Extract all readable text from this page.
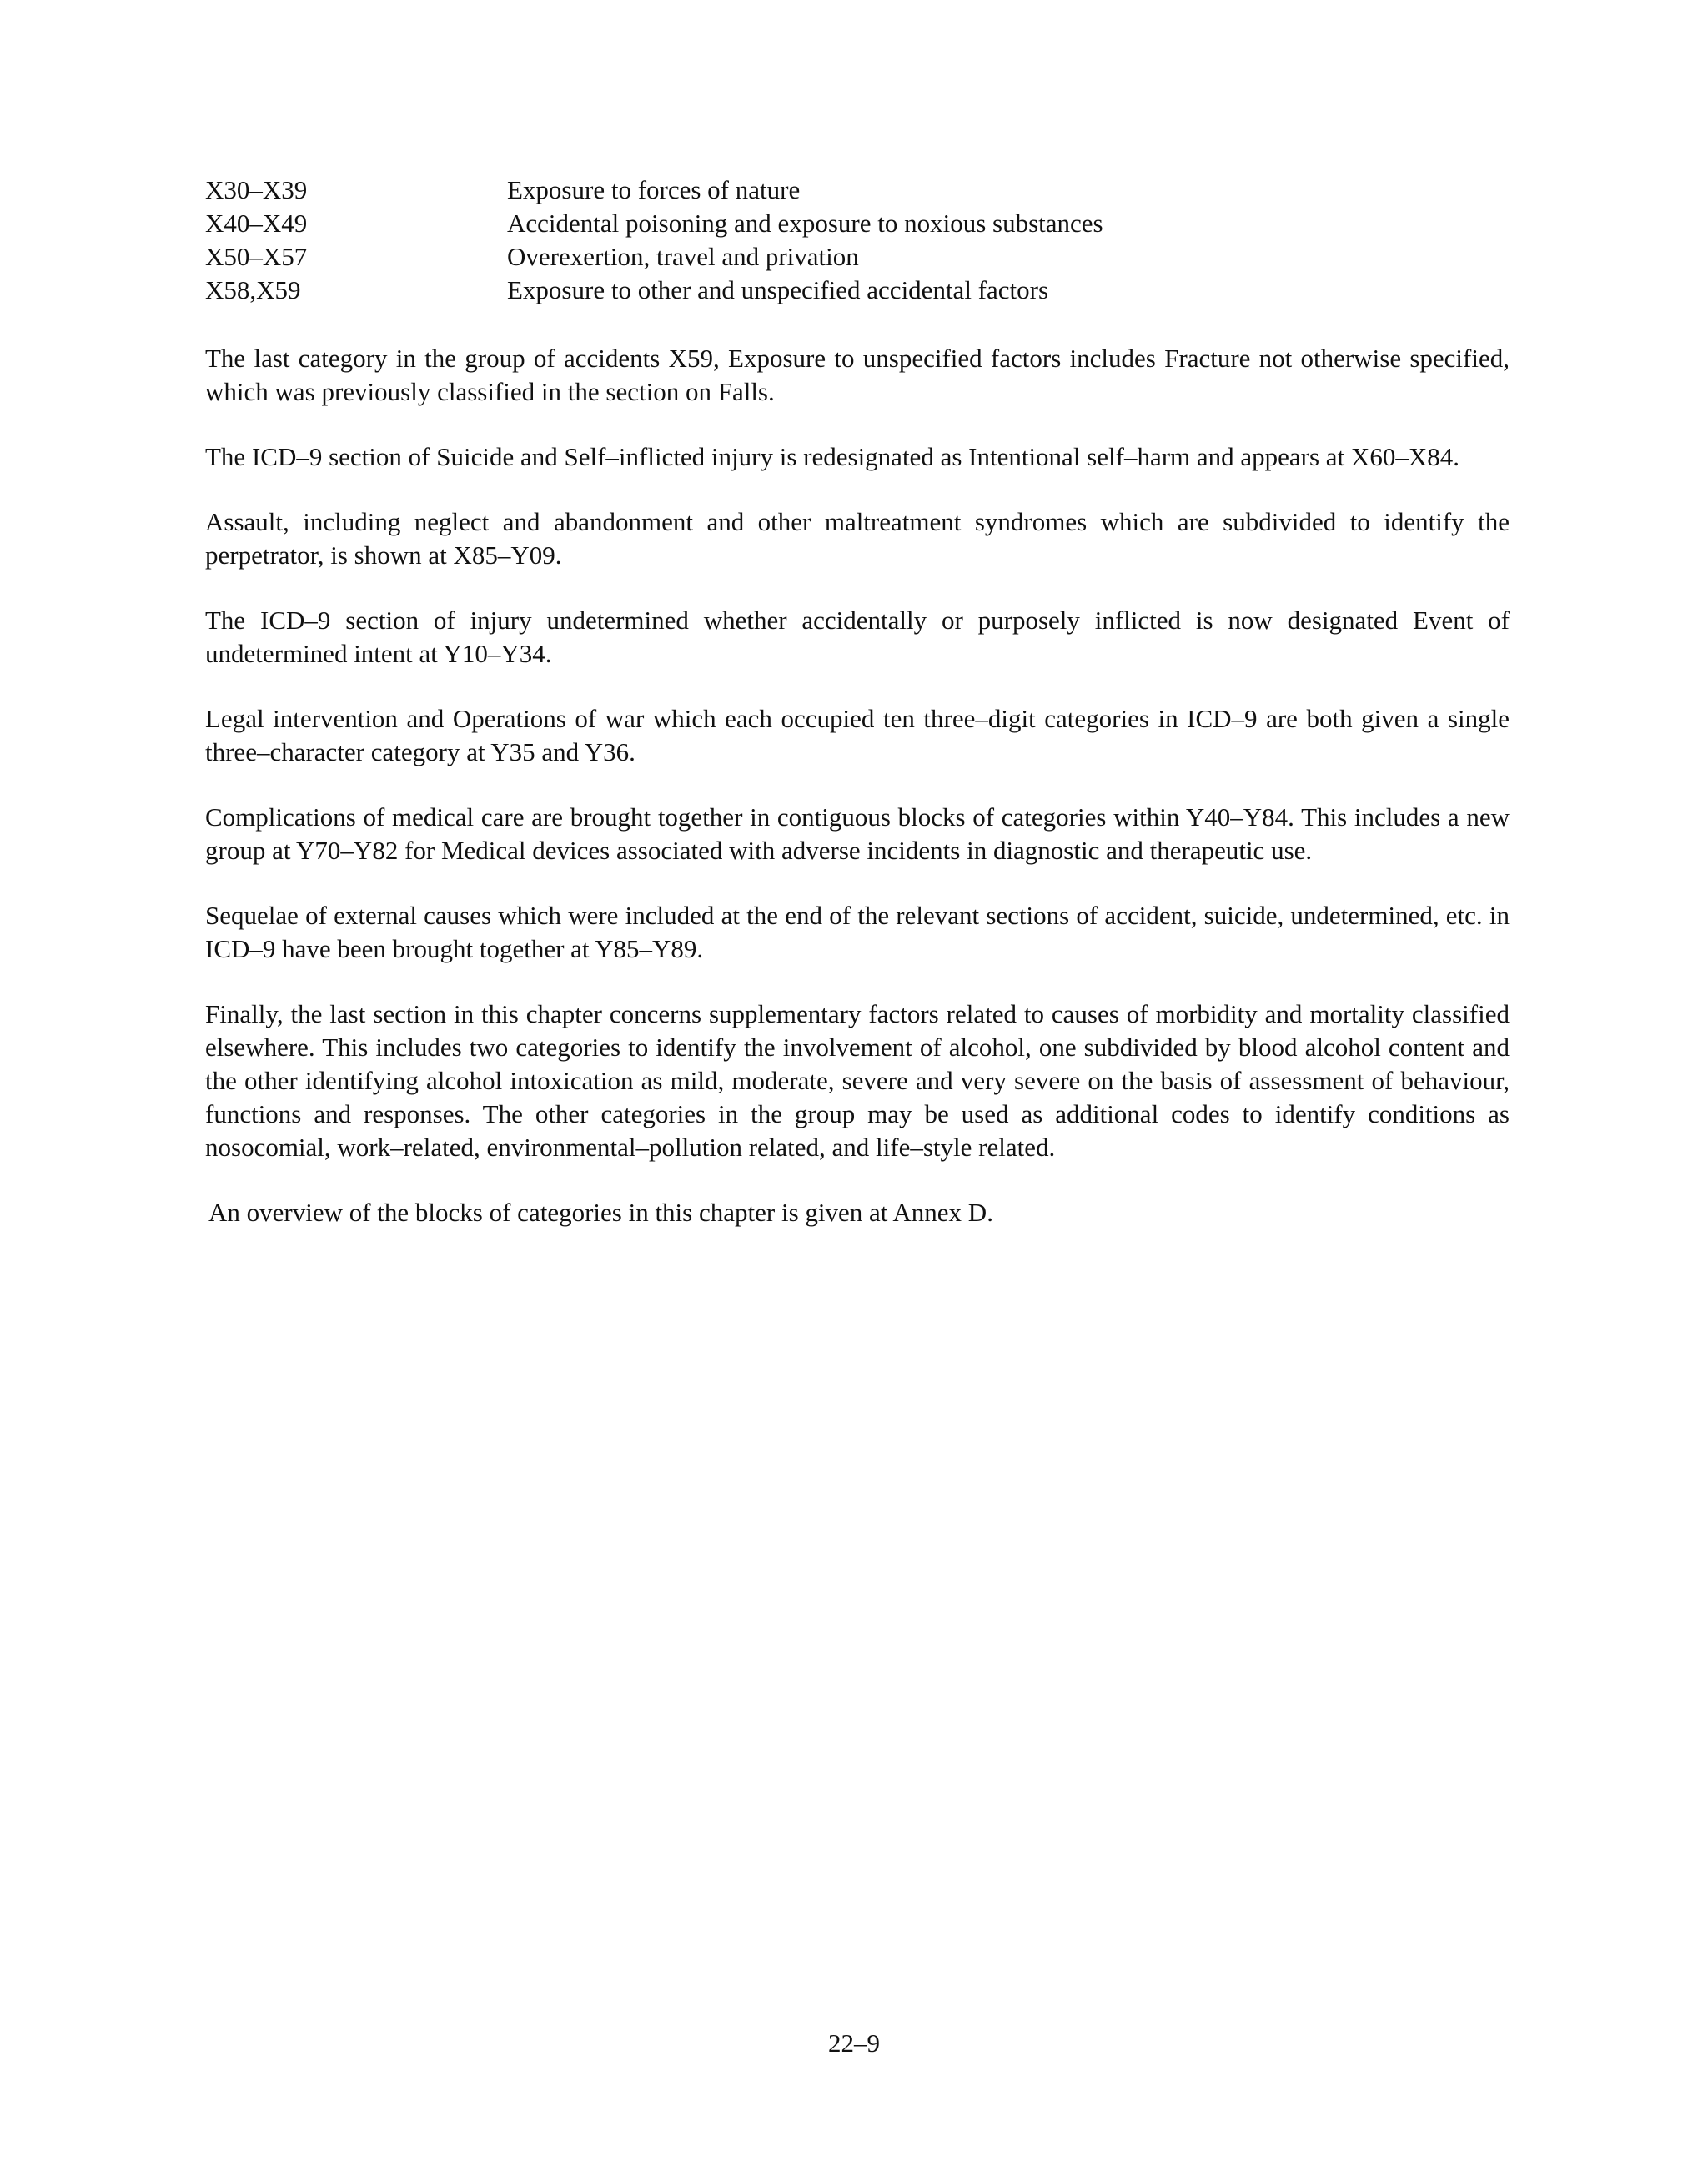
X30–X39	Exposure to forces of nature
X40–X49	Accidental poisoning and exposure to noxious substances
X50–X57	Overexertion, travel and privation
X58,X59	Exposure to other and unspecified accidental factors

The last category in the group of accidents X59, Exposure to unspecified factors includes Fracture not otherwise specified, which was previously classified in the section on Falls.

The ICD–9 section of Suicide and Self–inflicted injury is redesignated as Intentional self–harm and appears at X60–X84.

Assault, including neglect and abandonment and other maltreatment syndromes which are subdivided to identify the perpetrator, is shown at X85–Y09.

The ICD–9 section of injury undetermined whether accidentally or purposely inflicted is now designated Event of undetermined intent at Y10–Y34.

Legal intervention and Operations of war which each occupied ten three–digit categories in ICD–9 are both given a single three–character category at Y35 and Y36.

Complications of medical care are brought together in contiguous blocks of categories within Y40–Y84. This includes a new group at Y70–Y82 for Medical devices associated with adverse incidents in diagnostic and therapeutic use.

Sequelae of external causes which were included at the end of the relevant sections of accident, suicide, undetermined, etc. in ICD–9 have been brought together at Y85–Y89.

Finally, the last section in this chapter concerns supplementary factors related to causes of morbidity and mortality classified elsewhere. This includes two categories to identify the involvement of alcohol, one subdivided by blood alcohol content and the other identifying alcohol intoxication as mild, moderate, severe and very severe on the basis of assessment of behaviour, functions and responses. The other categories in the group may be used as additional codes to identify conditions as nosocomial, work–related, environmental–pollution related, and life–style related.

An overview of the blocks of categories in this chapter is given at Annex D.

22–9
